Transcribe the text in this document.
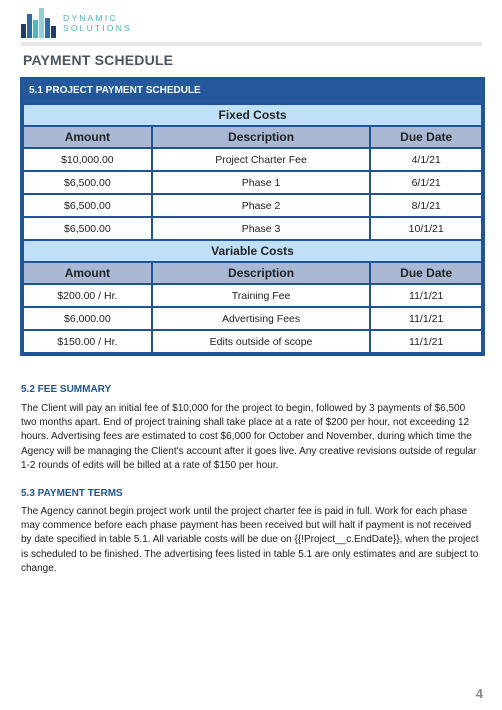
DYNAMIC
SOLUTIONS
PAYMENT SCHEDULE
5.1 PROJECT PAYMENT SCHEDULE
Fixed Costs		
Amount	Description	Due Date
$10,000.00	Project Charter Fee	4/1/21
$6,500.00	Phase 1	6/1/21
$6,500.00	Phase 2	8/1/21
$6,500.00	Phase 3	10/1/21
Variable Costs		
Amount	Description	Due Date
$200.00 / Hr.	Training Fee	11/1/21
$6,000.00	Advertising Fees	11/1/21
$150.00 / Hr.	Edits outside of scope	11/1/21
5.2 FEE SUMMARY
The Client will pay an initial fee of $10,000 for the project to begin, followed by 3 payments of $6,500 two months apart. End of project training shall take place at a rate of $200 per hour, not exceeding 12 hours. Advertising fees are estimated to cost $6,000 for October and November, during which time the Agency will be managing the Client's account after it goes live. Any creative revisions outside of regular 1-2 rounds of edits will be billed at a rate of $150 per hour.
5.3 PAYMENT TERMS
The Agency cannot begin project work until the project charter fee is paid in full. Work for each phase may commence before each phase payment has been received but will halt if payment is not received by date specified in table 5.1. All variable costs will be due on {{!Project__c.EndDate}}, when the project is scheduled to be finished. The advertising fees listed in table 5.1 are only estimates and are subject to change.
4
